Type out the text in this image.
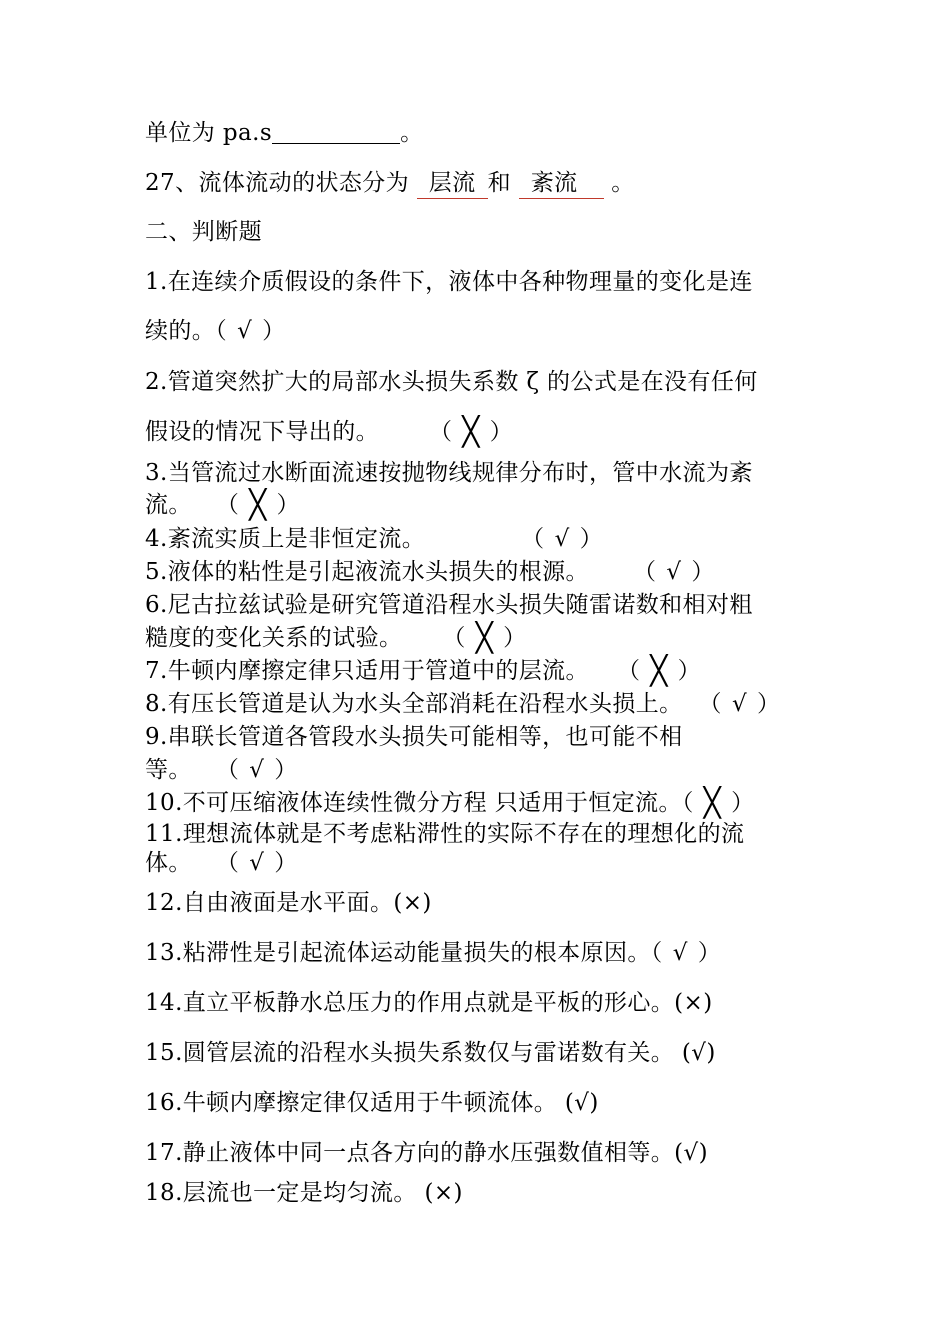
单位为 pa.s	。
27、流体流动的状态分为 层流 和 紊流 。
二、判断题
1.在连续介质假设的条件下，液体中各种物理量的变化是连
续的。（ √ ）
2.管道突然扩大的局部水头损失系数 ζ 的公式是在没有任何
假设的情况下导出的。 （ ╳ ）
3.当管流过水断面流速按抛物线规律分布时，管中水流为紊
流。 （ ╳ ）
4.紊流实质上是非恒定流。	（ √ ）
5.液体的粘性是引起液流水头损失的根源。 （ √ ）
6.尼古拉兹试验是研究管道沿程水头损失随雷诺数和相对粗
糙度的变化关系的试验。 （ ╳ ）
7.牛顿内摩擦定律只适用于管道中的层流。 （ ╳ ）
8.有压长管道是认为水头全部消耗在沿程水头损上。 （ √ ）
9.串联长管道各管段水头损失可能相等，也可能不相
等。 （ √ ）
10.不可压缩液体连续性微分方程 只适用于恒定流。（ ╳ ）
11.理想流体就是不考虑粘滞性的实际不存在的理想化的流
体。 （ √ ）
12.自由液面是水平面。(×)
13.粘滞性是引起流体运动能量损失的根本原因。（ √ ）
14.直立平板静水总压力的作用点就是平板的形心。(×)
15.圆管层流的沿程水头损失系数仅与雷诺数有关。 (√)
16.牛顿内摩擦定律仅适用于牛顿流体。 (√)
17.静止液体中同一点各方向的静水压强数值相等。(√)
18.层流也一定是均匀流。 (×)
